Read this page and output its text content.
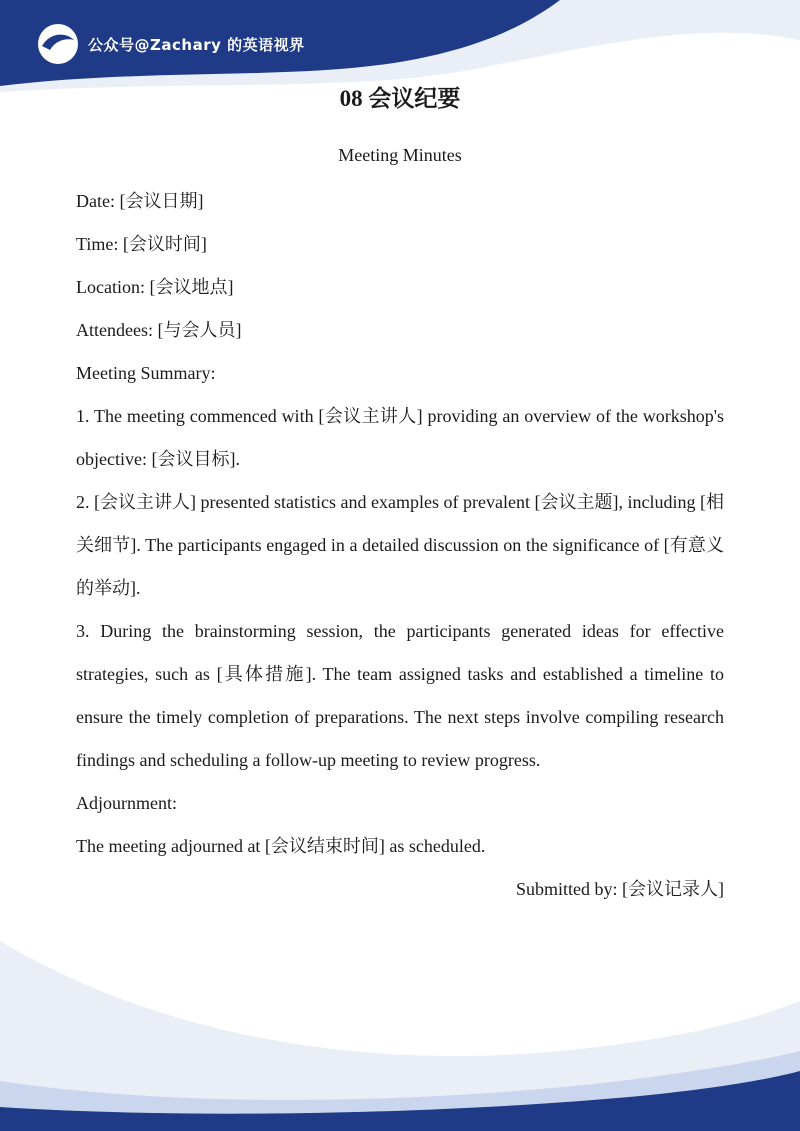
公众号@Zachary 的英语视界
08 会议纪要
Meeting Minutes

Date: [会议日期]

Time: [会议时间]

Location: [会议地点]

Attendees: [与会人员]

Meeting Summary:

1. The meeting commenced with [会议主讲人] providing an overview of the workshop's objective: [会议目标].

2. [会议主讲人] presented statistics and examples of prevalent [会议主题], including [相关细节]. The participants engaged in a detailed discussion on the significance of [有意义的举动].

3. During the brainstorming session, the participants generated ideas for effective strategies, such as [具体措施]. The team assigned tasks and established a timeline to ensure the timely completion of preparations. The next steps involve compiling research findings and scheduling a follow-up meeting to review progress.

Adjournment:

The meeting adjourned at [会议结束时间] as scheduled.

Submitted by: [会议记录人]
